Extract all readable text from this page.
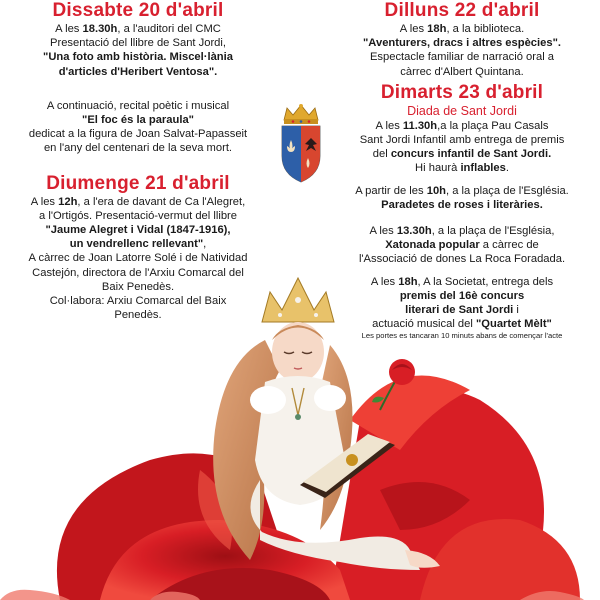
Dissabte 20 d'abril

A les 18.30h, a l'auditori del CMC

Presentació del llibre de Sant Jordi,

"Una foto amb història. Miscel·lània

d'articles d'Heribert Ventosa".

A continuació, recital poètic i musical

"El foc és la paraula"

dedicat a la figura de Joan Salvat-Papasseit

en l'any del centenari de la seva mort.

Diumenge 21 d'abril

A les 12h, a l'era de davant de Ca l'Alegret,

a l'Ortigós. Presentació-vermut del llibre

"Jaume Alegret i Vidal (1847-1916),

un vendrellenc rellevant",

A càrrec de Joan Latorre Solé i de Natividad

Castejón, directora de l'Arxiu Comarcal del

Baix Penedès.

Col·labora: Arxiu Comarcal del Baix

Penedès.

Dilluns 22 d'abril

A les 18h, a la biblioteca.

"Aventurers, dracs i altres espècies".

Espectacle familiar de narració oral a

càrrec d'Albert Quintana.

Dimarts 23 d'abril

Diada de Sant Jordi

A les 11.30h,a la plaça Pau Casals

Sant Jordi Infantil amb entrega de premis

del concurs infantil de Sant Jordi.

Hi haurà inflables.

A partir de les 10h, a la plaça de l'Església.

Paradetes de roses i literàries.

A les 13.30h, a la plaça de l'Església,

Xatonada popular a càrrec de

l'Associació de dones La Roca Foradada.

A les 18h, A la Societat, entrega dels

premis del 16è concurs

literari de Sant Jordi i

actuació musical del "Quartet Mèlt"

Les portes es tancaran 10 minuts abans de començar l'acte
